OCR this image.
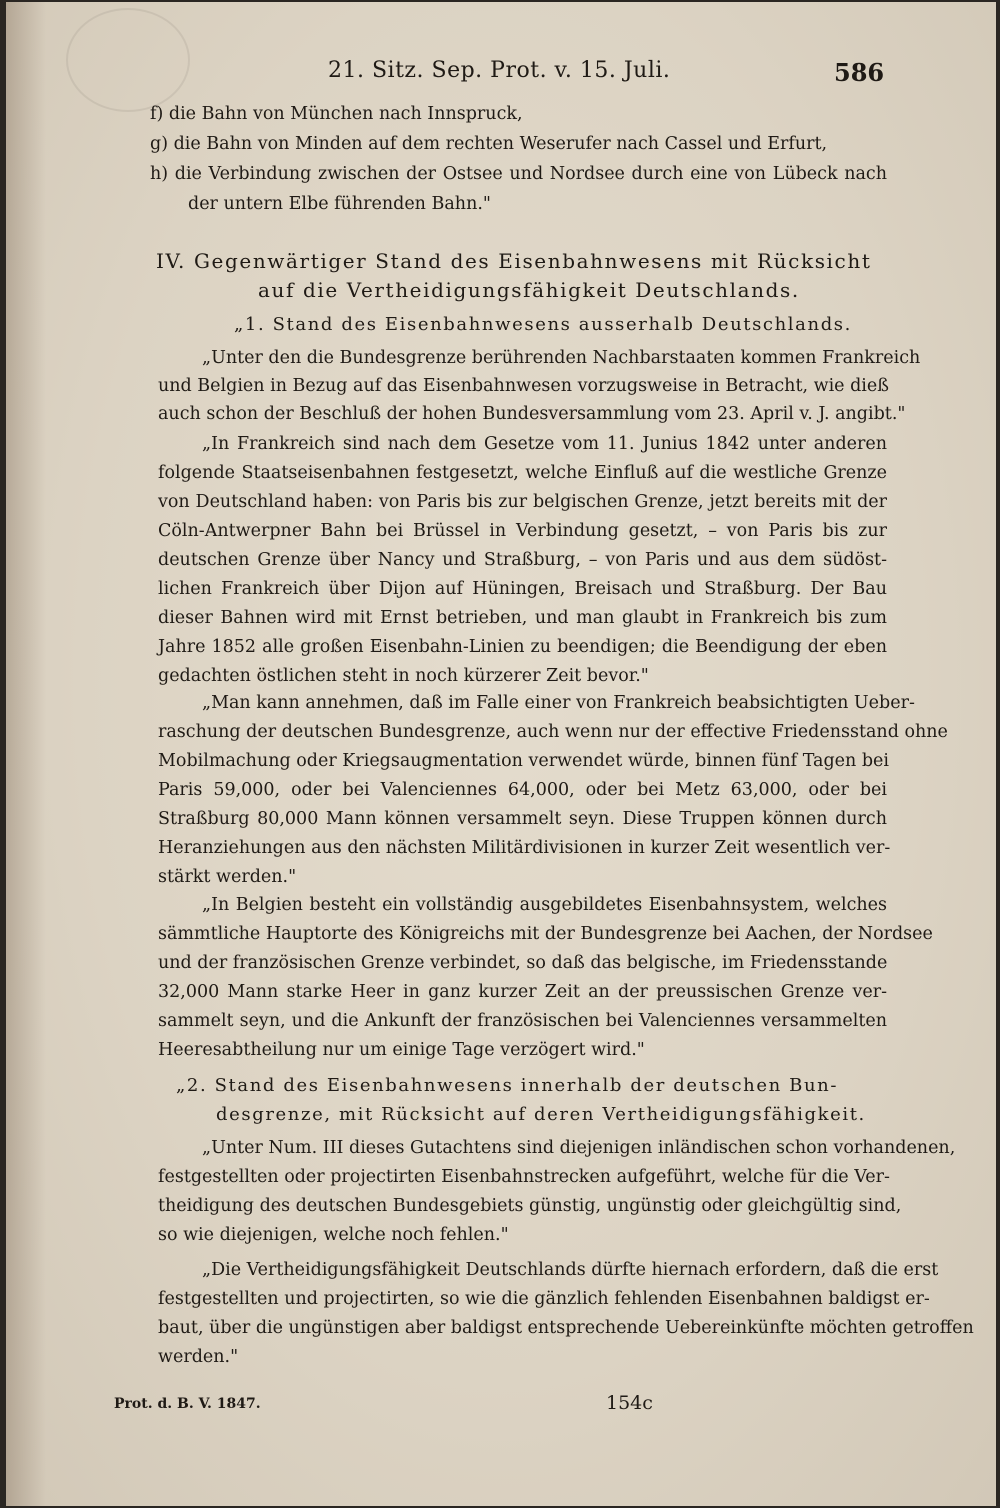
21. Sitz. Sep. Prot. v. 15. Juli.	586
f) die Bahn von München nach Innspruck,
g) die Bahn von Minden auf dem rechten Weserufer nach Cassel und Erfurt,
h) die Verbindung zwischen der Ostsee und Nordsee durch eine von Lübeck nach
der untern Elbe führenden Bahn."
IV. Gegenwärtiger Stand des Eisenbahnwesens mit Rücksicht
auf die Vertheidigungsfähigkeit Deutschlands.
„1. Stand des Eisenbahnwesens ausserhalb Deutschlands.
„Unter den die Bundesgrenze berührenden Nachbarstaaten kommen Frankreich
und Belgien in Bezug auf das Eisenbahnwesen vorzugsweise in Betracht, wie dieß
auch schon der Beschluß der hohen Bundesversammlung vom 23. April v. J. angibt."
„In Frankreich sind nach dem Gesetze vom 11. Junius 1842 unter anderen
folgende Staatseisenbahnen festgesetzt, welche Einfluß auf die westliche Grenze
von Deutschland haben: von Paris bis zur belgischen Grenze, jetzt bereits mit der
Cöln-Antwerpner Bahn bei Brüssel in Verbindung gesetzt, – von Paris bis zur
deutschen Grenze über Nancy und Straßburg, – von Paris und aus dem südöst-
lichen Frankreich über Dijon auf Hüningen, Breisach und Straßburg. Der Bau
dieser Bahnen wird mit Ernst betrieben, und man glaubt in Frankreich bis zum
Jahre 1852 alle großen Eisenbahn-Linien zu beendigen; die Beendigung der eben
gedachten östlichen steht in noch kürzerer Zeit bevor."
„Man kann annehmen, daß im Falle einer von Frankreich beabsichtigten Ueber-
raschung der deutschen Bundesgrenze, auch wenn nur der effective Friedensstand ohne
Mobilmachung oder Kriegsaugmentation verwendet würde, binnen fünf Tagen bei
Paris 59,000, oder bei Valenciennes 64,000, oder bei Metz 63,000, oder bei
Straßburg 80,000 Mann können versammelt seyn. Diese Truppen können durch
Heranziehungen aus den nächsten Militärdivisionen in kurzer Zeit wesentlich ver-
stärkt werden."
„In Belgien besteht ein vollständig ausgebildetes Eisenbahnsystem, welches
sämmtliche Hauptorte des Königreichs mit der Bundesgrenze bei Aachen, der Nordsee
und der französischen Grenze verbindet, so daß das belgische, im Friedensstande
32,000 Mann starke Heer in ganz kurzer Zeit an der preussischen Grenze ver-
sammelt seyn, und die Ankunft der französischen bei Valenciennes versammelten
Heeresabtheilung nur um einige Tage verzögert wird."
„2. Stand des Eisenbahnwesens innerhalb der deutschen Bun-
desgrenze, mit Rücksicht auf deren Vertheidigungsfähigkeit.
„Unter Num. III dieses Gutachtens sind diejenigen inländischen schon vorhandenen,
festgestellten oder projectirten Eisenbahnstrecken aufgeführt, welche für die Ver-
theidigung des deutschen Bundesgebiets günstig, ungünstig oder gleichgültig sind,
so wie diejenigen, welche noch fehlen."
„Die Vertheidigungsfähigkeit Deutschlands dürfte hiernach erfordern, daß die erst
festgestellten und projectirten, so wie die gänzlich fehlenden Eisenbahnen baldigst er-
baut, über die ungünstigen aber baldigst entsprechende Uebereinkünfte möchten getroffen
werden."
Prot. d. B. V. 1847.	154c
